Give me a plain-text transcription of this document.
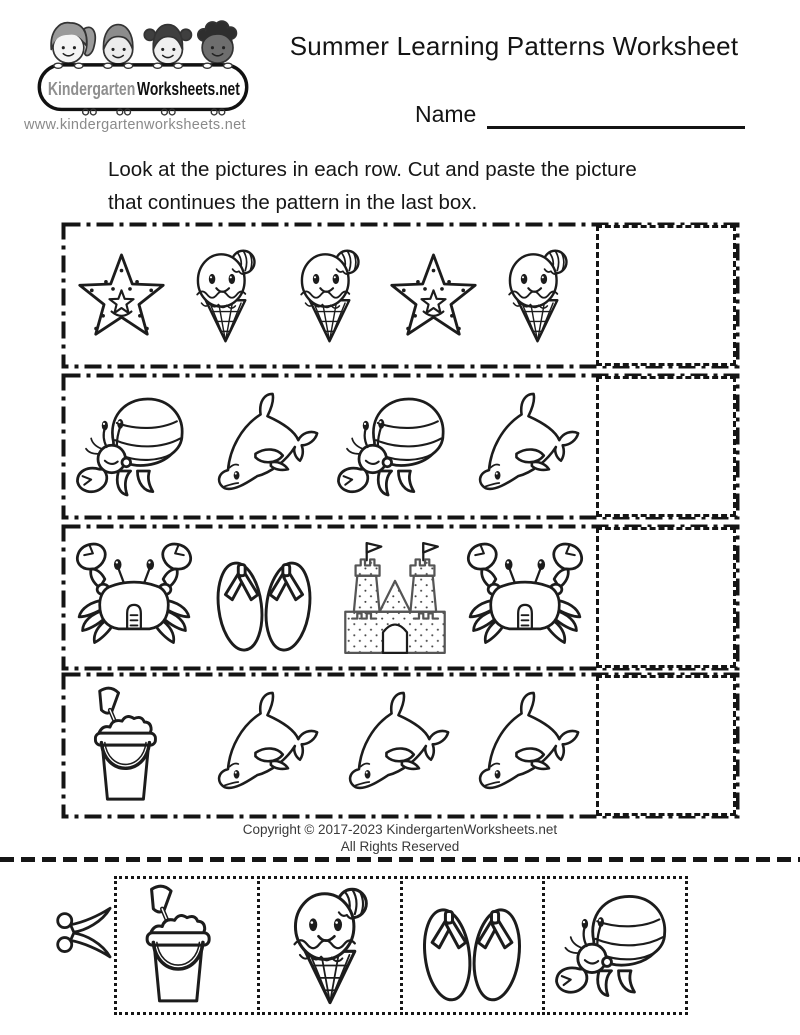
Kindergarten Worksheets.net
www.kindergartenworksheets.net
Summer Learning Patterns Worksheet
Name
Look at the pictures in each row. Cut and paste the picture
that continues the pattern in the last box.
Copyright © 2017-2023 KindergartenWorksheets.net
All Rights Reserved
